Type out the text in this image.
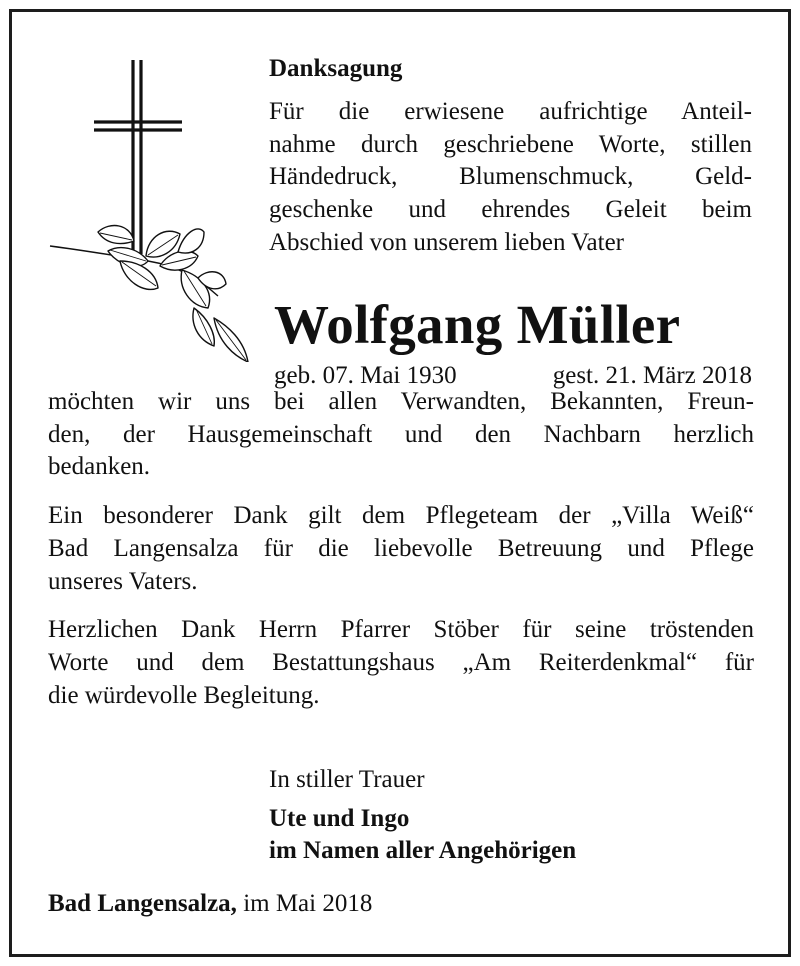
Danksagung

Für die erwiesene aufrichtige Anteil-
nahme durch geschriebene Worte, stillen
Händedruck, Blumenschmuck, Geld-
geschenke und ehrendes Geleit beim
Abschied von unserem lieben Vater

Wolfgang Müller
geb. 07. Mai 1930	gest. 21. März 2018

möchten wir uns bei allen Verwandten, Bekannten, Freun-
den, der Hausgemeinschaft und den Nachbarn herzlich
bedanken.

Ein besonderer Dank gilt dem Pflegeteam der „Villa Weiß“
Bad Langensalza für die liebevolle Betreuung und Pflege
unseres Vaters.

Herzlichen Dank Herrn Pfarrer Stöber für seine tröstenden
Worte und dem Bestattungshaus „Am Reiterdenkmal“ für
die würdevolle Begleitung.

In stiller Trauer
Ute und Ingo
im Namen aller Angehörigen
Bad Langensalza, im Mai 2018
